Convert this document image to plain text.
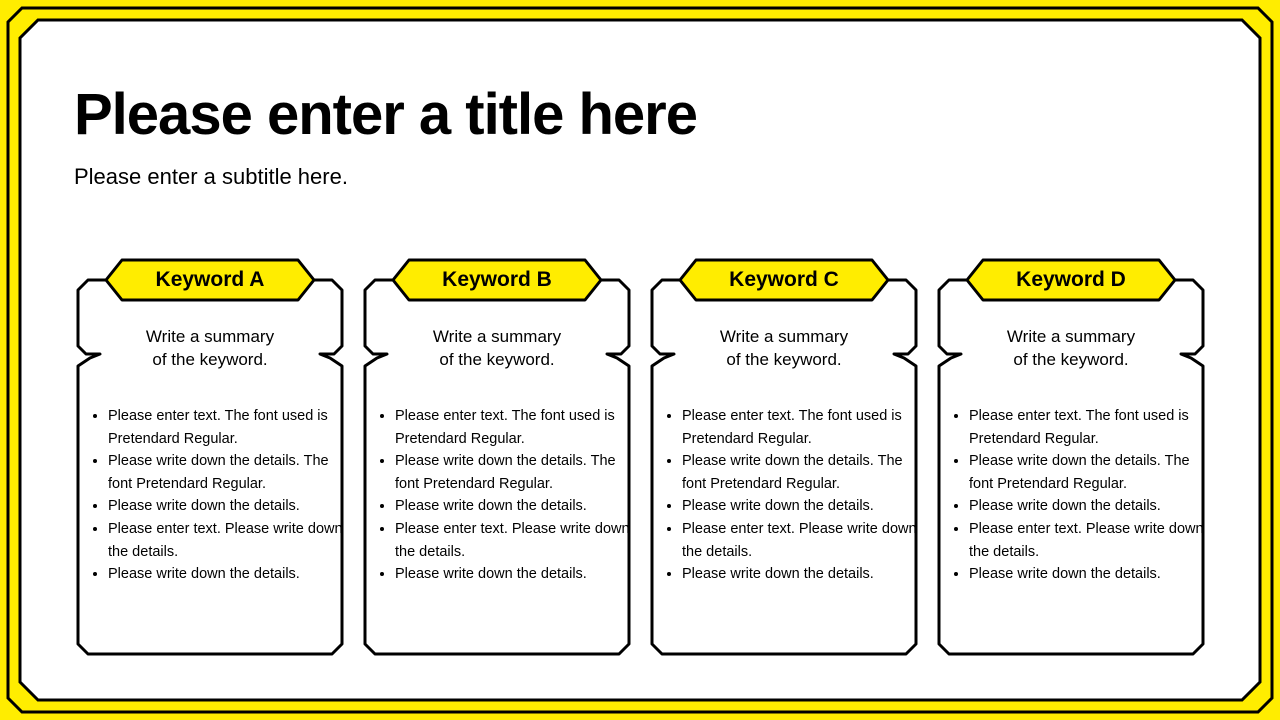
Please enter a title here

Please enter a subtitle here.

Keyword A
Write a summary
of the keyword.
• Please enter text. The font used is Pretendard Regular.
• Please write down the details. The font Pretendard Regular.
• Please write down the details.
• Please enter text. Please write down the details.
• Please write down the details.
Keyword B
Write a summary
of the keyword.
• Please enter text. The font used is Pretendard Regular.
• Please write down the details. The font Pretendard Regular.
• Please write down the details.
• Please enter text. Please write down the details.
• Please write down the details.
Keyword C
Write a summary
of the keyword.
• Please enter text. The font used is Pretendard Regular.
• Please write down the details. The font Pretendard Regular.
• Please write down the details.
• Please enter text. Please write down the details.
• Please write down the details.
Keyword D
Write a summary
of the keyword.
• Please enter text. The font used is Pretendard Regular.
• Please write down the details. The font Pretendard Regular.
• Please write down the details.
• Please enter text. Please write down the details.
• Please write down the details.
